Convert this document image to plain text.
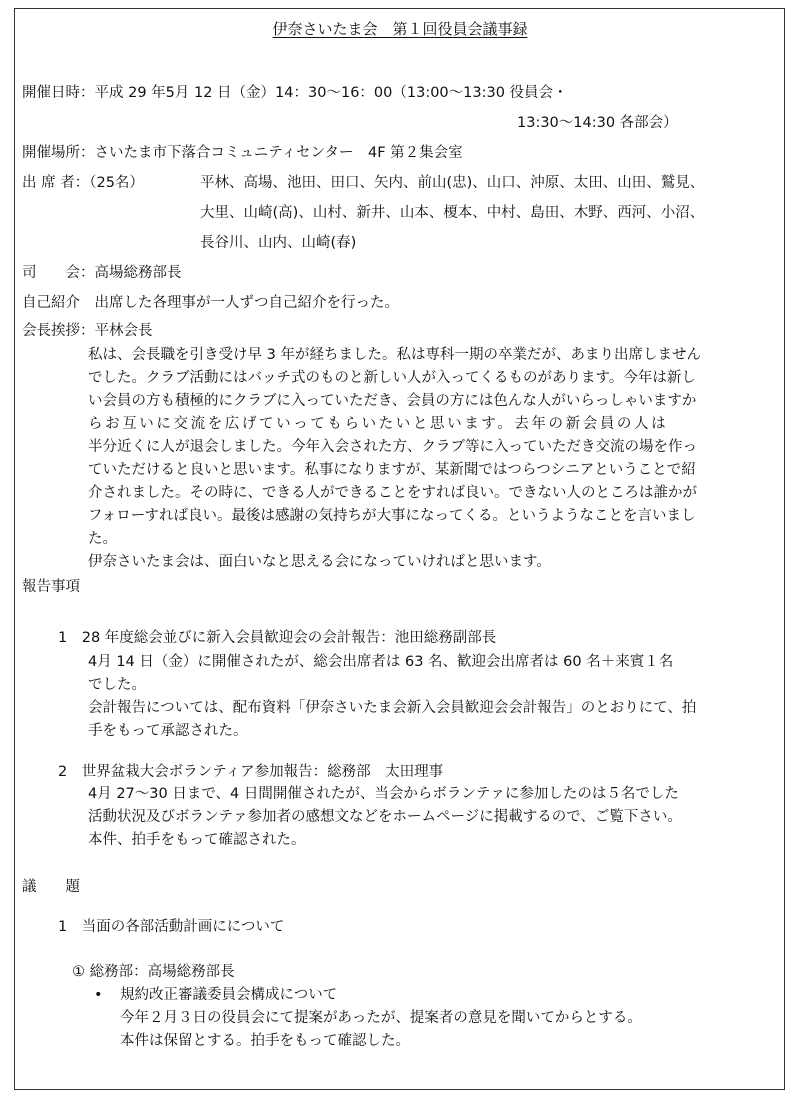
伊奈さいたま会　第１回役員会議事録
開催日時：平成 29 年5月 12 日（金）14：30〜16：00（13:00〜13:30 役員会・
13:30〜14:30 各部会）
開催場所：さいたま市下落合コミュニティセンター　4F 第２集会室
出 席 者：（25名）	平林、高場、池田、田口、矢内、前山(忠)、山口、沖原、太田、山田、鷲見、
大里、山崎(高)、山村、新井、山本、榎本、中村、島田、木野、西河、小沼、
長谷川、山内、山崎(春)
司　　会：高場総務部長
自己紹介　出席した各理事が一人ずつ自己紹介を行った。
会長挨拶：平林会長
私は、会長職を引き受け早 3 年が経ちました。私は専科一期の卒業だが、あまり出席しません
でした。クラブ活動にはバッチ式のものと新しい人が入ってくるものがあります。今年は新し
い会員の方も積極的にクラブに入っていただき、会員の方には色んな人がいらっしゃいますか
らお互いに交流を広げていってもらいたいと思います。去年の新会員の人は
半分近くに人が退会しました。今年入会された方、クラブ等に入っていただき交流の場を作っ
ていただけると良いと思います。私事になりますが、某新聞ではつらつシニアということで紹
介されました。その時に、できる人ができることをすれば良い。できない人のところは誰かが
フォローすれば良い。最後は感謝の気持ちが大事になってくる。というようなことを言いまし
た。
伊奈さいたま会は、面白いなと思える会になっていければと思います。
報告事項
1　28 年度総会並びに新入会員歓迎会の会計報告：池田総務副部長
4月 14 日（金）に開催されたが、総会出席者は 63 名、歓迎会出席者は 60 名＋来賓１名
でした。
会計報告については、配布資料「伊奈さいたま会新入会員歓迎会会計報告」のとおりにて、拍
手をもって承認された。
2　世界盆栽大会ボランティア参加報告：総務部　太田理事
4月 27〜30 日まで、4 日間開催されたが、当会からボランテァに参加したのは５名でした
活動状況及びボランテァ参加者の感想文などをホームページに掲載するので、ご覧下さい。
本件、拍手をもって確認された。
議　　題
1　当面の各部活動計画にについて
① 総務部：高場総務部長
• 規約改正審議委員会構成について
今年２月３日の役員会にて提案があったが、提案者の意見を聞いてからとする。
本件は保留とする。拍手をもって確認した。
